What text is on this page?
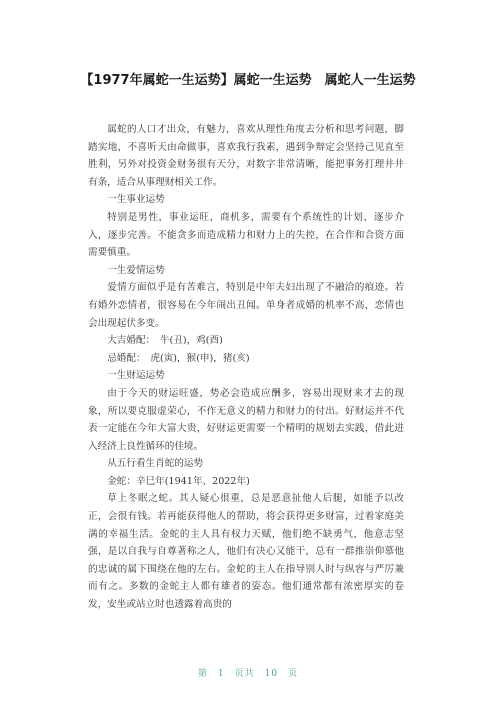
【1977年属蛇一生运势】属蛇一生运势　属蛇人一生运势

属蛇的人口才出众，有魅力，喜欢从理性角度去分析和思考问题，脚踏实地，不喜听天由命做事，喜欢我行我素，遇到争辩定会坚持己见直至胜利，另外对投资金财务很有天分，对数字非常清晰，能把事务打理井井有条，适合从事理财相关工作。

一生事业运势

特别是男性，事业运旺，商机多，需要有个系统性的计划，逐步介入，逐步完善。不能贪多而造成精力和财力上的失控，在合作和合资方面需要慎重。

一生爱情运势

爱情方面似乎是有苦难言，特别是中年夫妇出现了不融洽的痕迹。若有婚外恋情者，很容易在今年闹出丑闻。单身者成婚的机率不高，恋情也会出现起伏多变。

大吉婚配：　牛(丑)，鸡(酉)

忌婚配：　虎(寅)，猴(申)，猪(亥)

一生财运运势

由于今天的财运旺盛，势必会造成应酬多，容易出现财来才去的现象，所以要克服虚荣心，不作无意义的精力和财力的付出。好财运并不代表一定能在今年大富大贵，好财运更需要一个精明的规划去实践，借此进入经济上良性循环的佳境。

从五行看生肖蛇的运势

金蛇：辛巳年(1941年、2022年)

草上冬眠之蛇。其人疑心很重，总是恶意扯他人后腿，如能予以改正，会很有钱。若再能获得他人的帮助，将会获得更多财富，过着家庭美满的幸福生活。金蛇的主人具有权力天赋，他们绝不缺勇气，他意志坚强，是以自我与自尊著称之人，他们有决心又能干，总有一群推崇仰慕他的忠诚的属下围绕在他的左右。金蛇的主人在指导别人时与纵容与严厉兼而有之。多数的金蛇主人都有雄者的姿态。他们通常都有浓密厚实的卷发，安坐或站立时也透露着高贵的

第　1　页共　10　页
